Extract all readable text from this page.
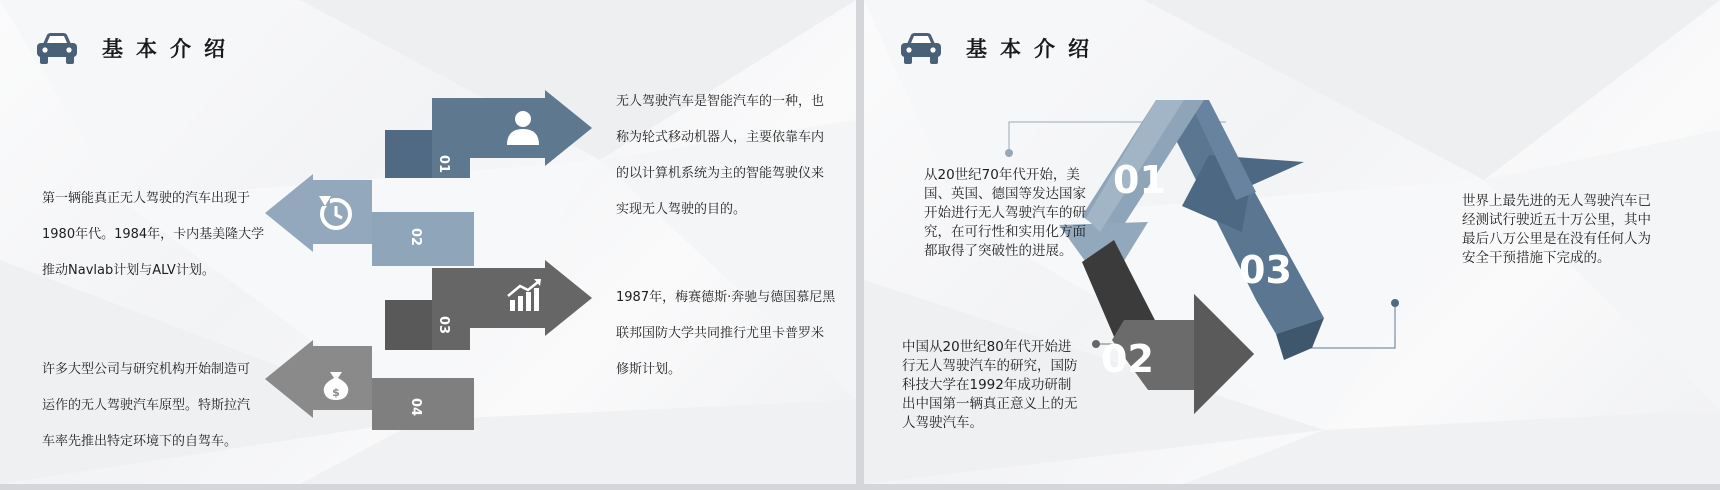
基本介绍
01
02
03
04
$
无人驾驶汽车是智能汽车的一种，也
称为轮式移动机器人，主要依靠车内
的以计算机系统为主的智能驾驶仪来
实现无人驾驶的目的。
第一辆能真正无人驾驶的汽车出现于
1980年代。1984年，卡内基美隆大学
推动Navlab计划与ALV计划。
1987年，梅赛德斯·奔驰与德国慕尼黑
联邦国防大学共同推行尤里卡普罗米
修斯计划。
许多大型公司与研究机构开始制造可
运作的无人驾驶汽车原型。特斯拉汽
车率先推出特定环境下的自驾车。
基本介绍
01
02
03
从20世纪70年代开始，美
国、英国、德国等发达国家
开始进行无人驾驶汽车的研
究，在可行性和实用化方面
都取得了突破性的进展。
中国从20世纪80年代开始进
行无人驾驶汽车的研究，国防
科技大学在1992年成功研制
出中国第一辆真正意义上的无
人驾驶汽车。
世界上最先进的无人驾驶汽车已
经测试行驶近五十万公里，其中
最后八万公里是在没有任何人为
安全干预措施下完成的。
